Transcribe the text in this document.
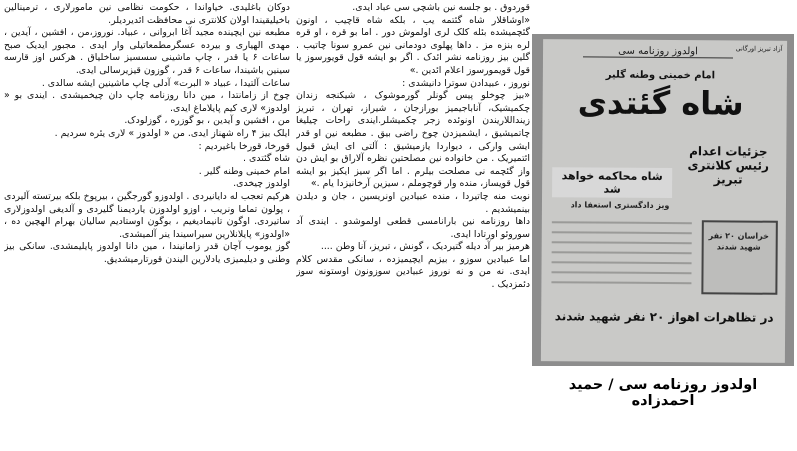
دوکان باغلیدی. خیاواندا ، حکومت نظامی نین مامورلاری ، ترمینالین باخیلیقیندا اولان کلانتری نی محافظت ائدیردیلر.

مطبعه نین ایچینده مجید آغا ابروانی ، عبیاد. نوروز،من ، افشین ، آیدین ، مهدی الهیاری و بیرده عسگرمطمعاتیلی وار ایدی . مجبور ایدیک صبح ساعات ۶ یا قدر ، چاپ ماشینی سسسیز ساخلیاق . هرکس اوز قارسه سینین باشیندا، ساعات ۶ قدر ، گوزون قیزیرسالی ایدی.

ساعات آلتیدا ، عبیاد « البرت» آدلی چاپ ماشینین ایشه سالدی .

چوخ از زامانتدا ، مین دانا روزنامه چاپ دان چیخمیشدی . ایندی بو « اولدوز» لاری کیم پایلاماغ ایدی.

من ، افشین و آیدین ، بو گوزره ، گوزلودک.

ایلک بیز ۴ راه شهناز ایدی. من « اولدوز » لاری یئره سردیم .

قورخا، قورخا باغیردیم :

شاه گئتدی .

امام خمینی وطنه گلیر .

اولدوز چیخدی.

هرکیم تعجب له دایانیردی . اولدوزو گورجگین ، بیرپوخ بلکه بیرتسته آلیردی ، پولون تماما ونریب ، اوزو اولدوزن یاردیمنا گلیردی و آلدیغی اولدوزلاری ساتیردی. اوگون تانیمادیغیم ، بوگون اوستادیم سالیان بهرام الهچین ده ، «اولدوز» پایلانلارین سیراسیندا ینر آلمیشدی.

گوز یوموب آچان قدر زامانیندا ، مین دانا اولدوز پایلیمشدی. سانکی بیز وطنی و دیلیمیزی یادلارین الیندن قورتارمیشدیق.

قوردوق . بو جلسه نین باشچی سی عباد ایدی.

«اوشاقلار شاه گئتمه یب ، بلکه شاه قاچیب ، اونون گئچمیشده بئله کلک لری اولموش دور . اما بو قره ، او قره لره بنزه مز . داها پهلوی دودمانی نین عمرو سونا چاتیب . گلین بیز روزنامه نشر ائدک . اگر بو ایشه قول قویورسوز یا قول قویمورسوز اعلام ائدین .»

نوروز ، عبیدادن سوترا دانیشدی :

«بیز چوخلو پیس گونلر گورموشوک ، شیکنجه زندان چکمیشیک، آناباجیمیز بورازجان ، شیراز، تهران ، تبریز زینداللاریندن اونوئده زجر چکمیشلر.ایندی راحات چیلیغا چاتمیشیق ، ایشمیزدن چوخ راضی بیق . مطبعه نین او قدر ایشی وارکی ، دیواردا یازمیشیق : آلتی ای ایش قبول ائتمیریک . من خانواده نین مصلحتین نظره آلاراق بو ایش دن واز گئچمه نی مصلحت بیلرم . اما اگر سیز ایکیز بو ایشه قول قویساز، منده وار قوچوملم ، سیزین آرخانیزدا یام .»

نوبت منه چاتیردا ، منده عبیادین اونریسین ، جان و دیلدن بینمیشدیم .

داها روزنامه نین بارانامسی قطعی اولموشدو . ایندی آد سوروئو اورتادا ایدی.

هرمیز بیر آد دیله گتیردیک ، گونش ، تبریز، آنا وطن ....

اما عبیادین سوزو ، بیزیم ایچیمیزده ، سانکی مقدس کلام ایدی. نه من و نه نوروز عبیادین سوزونون اوستونه سوز دئمزدیک .

اولدوز روزنامه سی	آزاد تبریز اورگانی
امام خمینی وطنه گلیر
شاه گئتدی
جزئیات اعدام رئیس کلانتری تبریز
شاه محاکمه خواهد شد
ویز دادگستری استعفا داد
خراسان ۲۰ نفر شهید شدند
در تظاهرات اهواز ۲۰ نفر شهید شدند
اولدوز روزنامه سی / حمید احمدزاده
